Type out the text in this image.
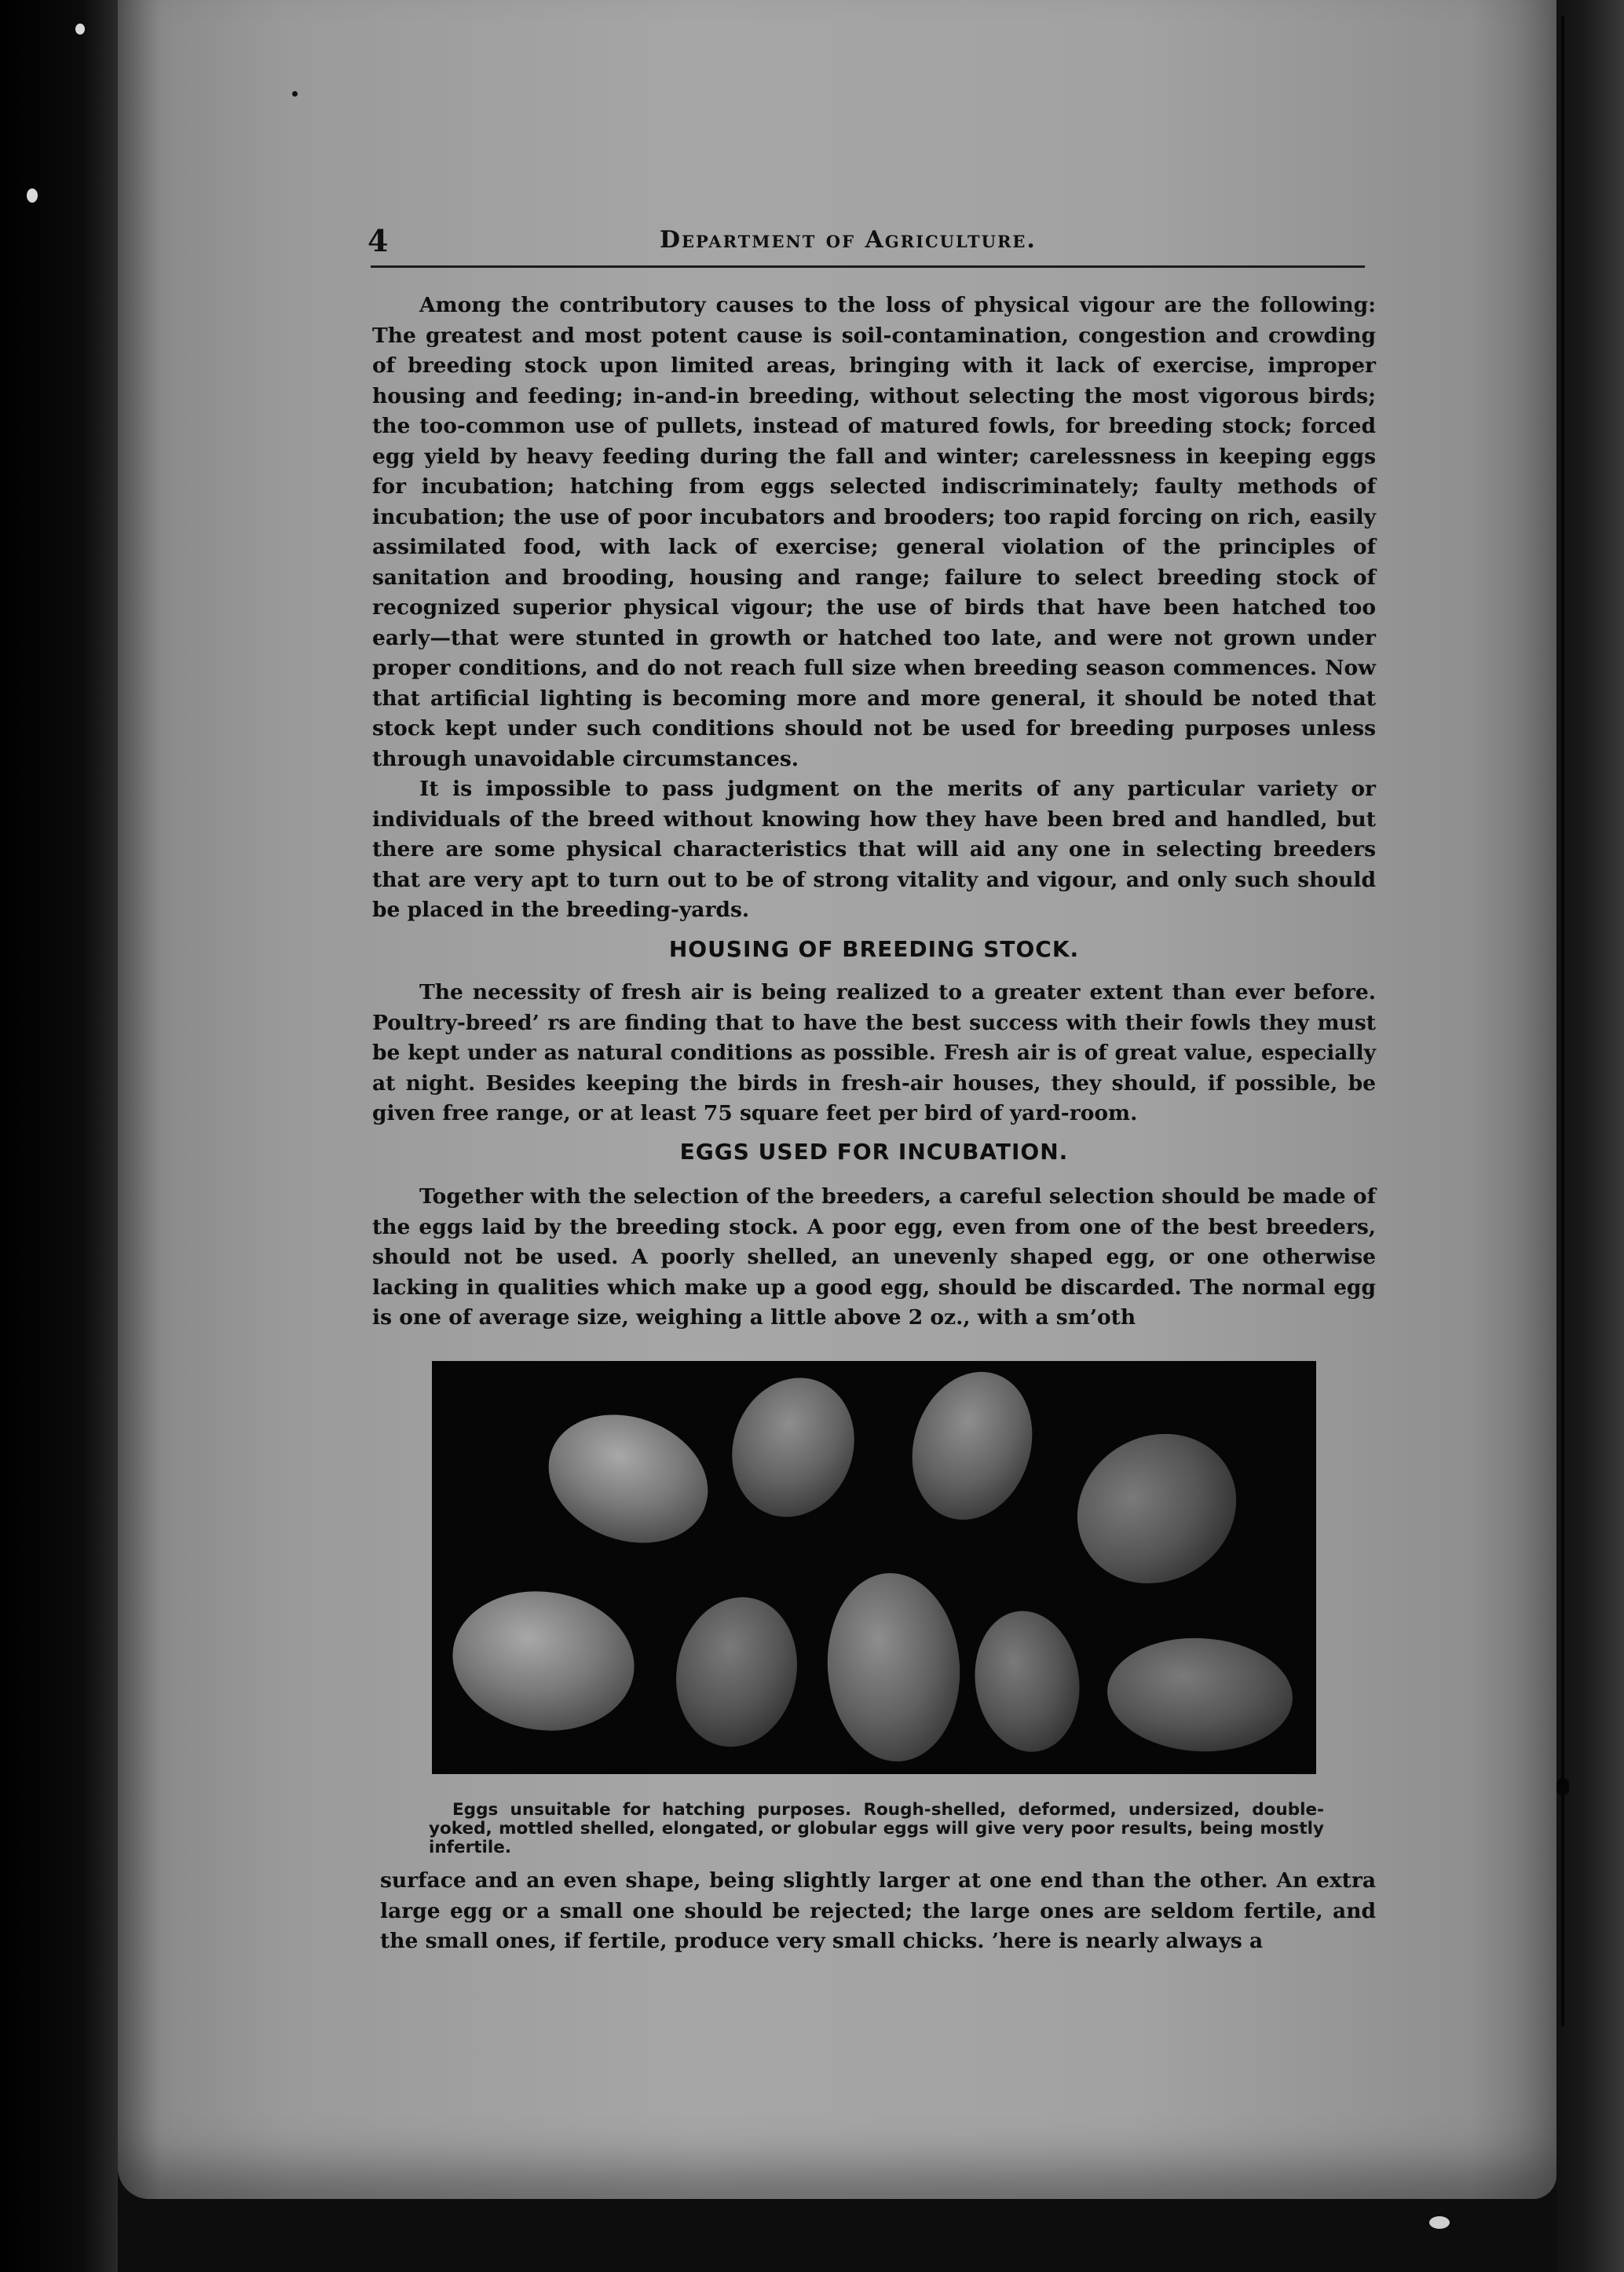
4	Department of Agriculture.

Among the contributory causes to the loss of physical vigour are the following: The greatest and most potent cause is soil-contamination, congestion and crowding of breeding stock upon limited areas, bringing with it lack of exercise, improper housing and feeding; in-and-in breeding, without selecting the most vigorous birds; the too-common use of pullets, instead of matured fowls, for breeding stock; forced egg yield by heavy feeding during the fall and winter; carelessness in keeping eggs for incubation; hatching from eggs selected indiscriminately; faulty methods of incubation; the use of poor incubators and brooders; too rapid forcing on rich, easily assimilated food, with lack of exercise; general violation of the principles of sanitation and brooding, housing and range; failure to select breeding stock of recognized superior physical vigour; the use of birds that have been hatched too early—that were stunted in growth or hatched too late, and were not grown under proper conditions, and do not reach full size when breeding season commences. Now that artificial lighting is becoming more and more general, it should be noted that stock kept under such conditions should not be used for breeding purposes unless through unavoidable circumstances.

It is impossible to pass judgment on the merits of any particular variety or individuals of the breed without knowing how they have been bred and handled, but there are some physical characteristics that will aid any one in selecting breeders that are very apt to turn out to be of strong vitality and vigour, and only such should be placed in the breeding-yards.

HOUSING OF BREEDING STOCK.

The necessity of fresh air is being realized to a greater extent than ever before. Poultry-breed’ rs are finding that to have the best success with their fowls they must be kept under as natural conditions as possible. Fresh air is of great value, especially at night. Besides keeping the birds in fresh-air houses, they should, if possible, be given free range, or at least 75 square feet per bird of yard-room.

EGGS USED FOR INCUBATION.

Together with the selection of the breeders, a careful selection should be made of the eggs laid by the breeding stock. A poor egg, even from one of the best breeders, should not be used. A poorly shelled, an unevenly shaped egg, or one otherwise lacking in qualities which make up a good egg, should be discarded. The normal egg is one of average size, weighing a little above 2 oz., with a sm’oth

Eggs unsuitable for hatching purposes. Rough-shelled, deformed, undersized, double-yoked, mottled shelled, elongated, or globular eggs will give very poor results, being mostly infertile.

surface and an even shape, being slightly larger at one end than the other. An extra large egg or a small one should be rejected; the large ones are seldom fertile, and the small ones, if fertile, produce very small chicks. ’here is nearly always a
